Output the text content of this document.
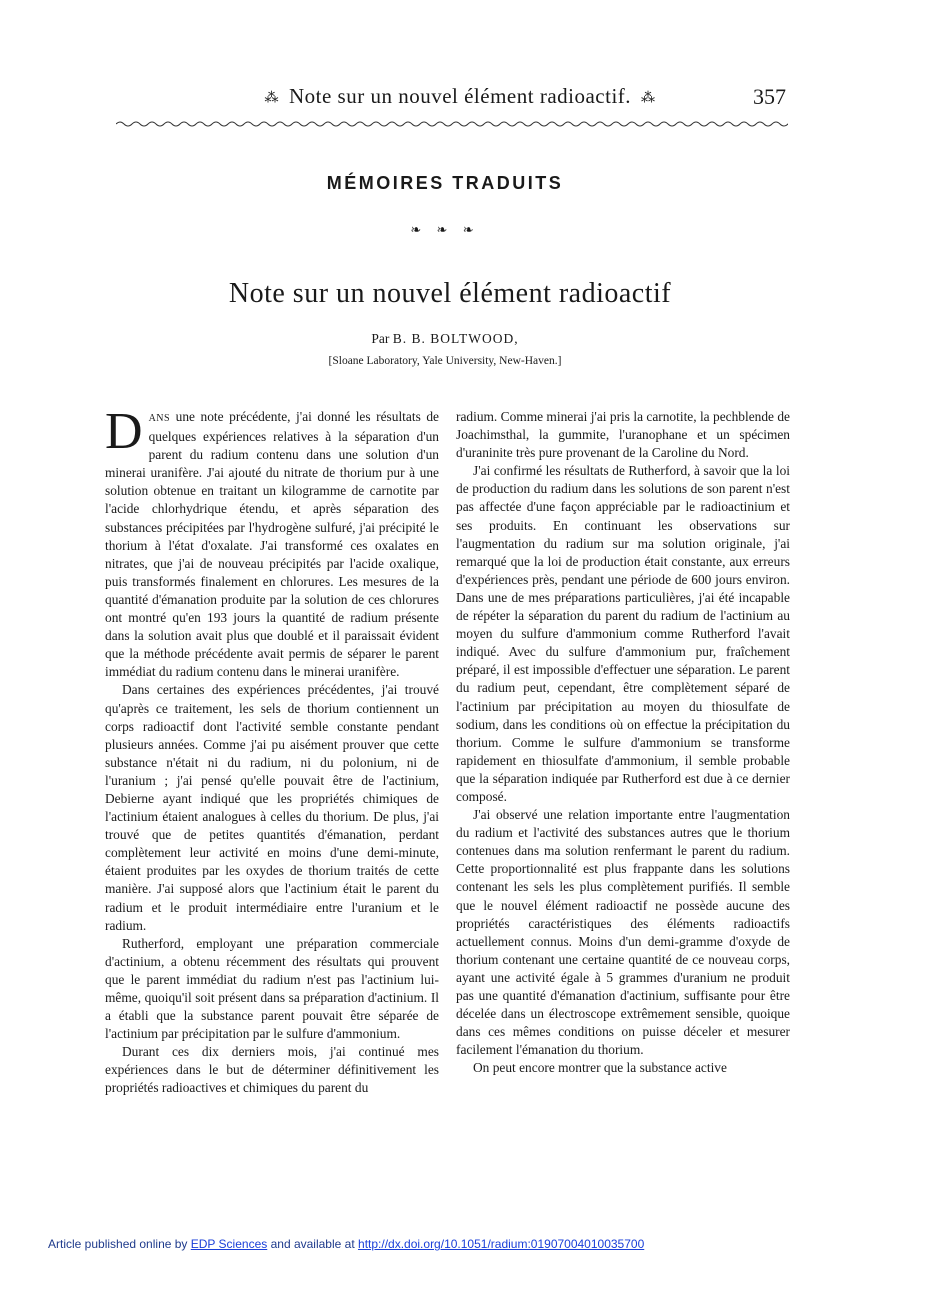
⁂ Note sur un nouvel élément radioactif. ⁂	357
MÉMOIRES TRADUITS
❧ ❧ ❧
Note sur un nouvel élément radioactif
Par B. B. BOLTWOOD,
[Sloane Laboratory, Yale University, New-Haven.]

DANS une note précédente, j'ai donné les résultats de quelques expériences relatives à la séparation d'un parent du radium contenu dans une solution d'un minerai uranifère. J'ai ajouté du nitrate de thorium pur à une solution obtenue en traitant un kilogramme de carnotite par l'acide chlorhydrique étendu, et après séparation des substances précipitées par l'hydrogène sulfuré, j'ai précipité le thorium à l'état d'oxalate. J'ai transformé ces oxalates en nitrates, que j'ai de nouveau précipités par l'acide oxalique, puis transformés finalement en chlorures. Les mesures de la quantité d'émanation produite par la solution de ces chlorures ont montré qu'en 193 jours la quantité de radium présente dans la solution avait plus que doublé et il paraissait évident que la méthode précédente avait permis de séparer le parent immédiat du radium contenu dans le minerai uranifère.

Dans certaines des expériences précédentes, j'ai trouvé qu'après ce traitement, les sels de thorium contiennent un corps radioactif dont l'activité semble constante pendant plusieurs années. Comme j'ai pu aisément prouver que cette substance n'était ni du radium, ni du polonium, ni de l'uranium ; j'ai pensé qu'elle pouvait être de l'actinium, Debierne ayant indiqué que les propriétés chimiques de l'actinium étaient analogues à celles du thorium. De plus, j'ai trouvé que de petites quantités d'émanation, perdant complètement leur activité en moins d'une demi-minute, étaient produites par les oxydes de thorium traités de cette manière. J'ai supposé alors que l'actinium était le parent du radium et le produit intermédiaire entre l'uranium et le radium.

Rutherford, employant une préparation commerciale d'actinium, a obtenu récemment des résultats qui prouvent que le parent immédiat du radium n'est pas l'actinium lui-même, quoiqu'il soit présent dans sa préparation d'actinium. Il a établi que la substance parent pouvait être séparée de l'actinium par précipitation par le sulfure d'ammonium.

Durant ces dix derniers mois, j'ai continué mes expériences dans le but de déterminer définitivement les propriétés radioactives et chimiques du parent du

radium. Comme minerai j'ai pris la carnotite, la pechblende de Joachimsthal, la gummite, l'uranophane et un spécimen d'uraninite très pure provenant de la Caroline du Nord.

J'ai confirmé les résultats de Rutherford, à savoir que la loi de production du radium dans les solutions de son parent n'est pas affectée d'une façon appréciable par le radioactinium et ses produits. En continuant les observations sur l'augmentation du radium sur ma solution originale, j'ai remarqué que la loi de production était constante, aux erreurs d'expériences près, pendant une période de 600 jours environ. Dans une de mes préparations particulières, j'ai été incapable de répéter la séparation du parent du radium de l'actinium au moyen du sulfure d'ammonium comme Rutherford l'avait indiqué. Avec du sulfure d'ammonium pur, fraîchement préparé, il est impossible d'effectuer une séparation. Le parent du radium peut, cependant, être complètement séparé de l'actinium par précipitation au moyen du thiosulfate de sodium, dans les conditions où on effectue la précipitation du thorium. Comme le sulfure d'ammonium se transforme rapidement en thiosulfate d'ammonium, il semble probable que la séparation indiquée par Rutherford est due à ce dernier composé.

J'ai observé une relation importante entre l'augmentation du radium et l'activité des substances autres que le thorium contenues dans ma solution renfermant le parent du radium. Cette proportionnalité est plus frappante dans les solutions contenant les sels les plus complètement purifiés. Il semble que le nouvel élément radioactif ne possède aucune des propriétés caractéristiques des éléments radioactifs actuellement connus. Moins d'un demi-gramme d'oxyde de thorium contenant une certaine quantité de ce nouveau corps, ayant une activité égale à 5 grammes d'uranium ne produit pas une quantité d'émanation d'actinium, suffisante pour être décelée dans un électroscope extrêmement sensible, quoique dans ces mêmes conditions on puisse déceler et mesurer facilement l'émanation du thorium.

On peut encore montrer que la substance active

Article published online by EDP Sciences and available at http://dx.doi.org/10.1051/radium:01907004010035700
